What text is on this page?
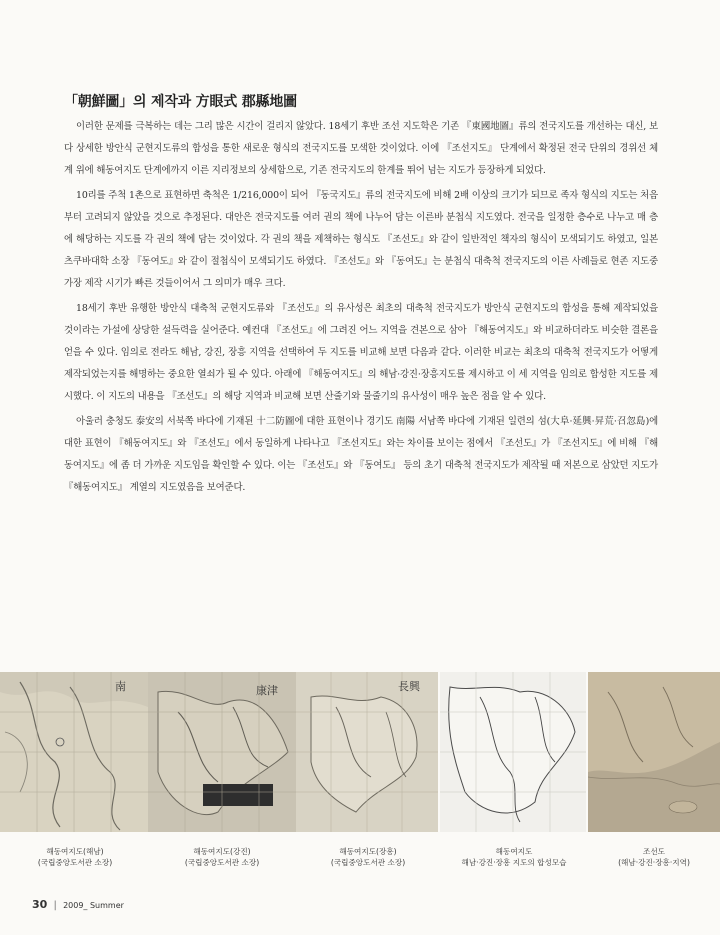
「朝鮮圖」의 제작과 方眼式 郡縣地圖

이러한 문제를 극복하는 데는 그리 많은 시간이 걸리지 않았다. 18세기 후반 조선 지도학은 기존 『東國地圖』류의 전국지도를 개선하는 대신, 보다 상세한 방안식 군현지도류의 합성을 통한 새로운 형식의 전국지도를 모색한 것이었다. 이에 『조선지도』 단계에서 확정된 전국 단위의 경위선 체계 위에 해동여지도 단계에까지 이른 지리정보의 상세함으로, 기존 전국지도의 한계를 뛰어 넘는 지도가 등장하게 되었다.

10리를 주척 1촌으로 표현하면 축척은 1/216,000이 되어 『동국지도』류의 전국지도에 비해 2배 이상의 크기가 되므로 족자 형식의 지도는 처음부터 고려되지 않았을 것으로 추정된다. 대안은 전국지도를 여러 권의 책에 나누어 담는 이른바 분첩식 지도였다. 전국을 일정한 층수로 나누고 매 층에 해당하는 지도를 각 권의 책에 담는 것이었다. 각 권의 책을 제책하는 형식도 『조선도』와 같이 일반적인 책자의 형식이 모색되기도 하였고, 일본 츠쿠바대학 소장 『동여도』와 같이 절첩식이 모색되기도 하였다. 『조선도』와 『동여도』는 분첩식 대축척 전국지도의 이른 사례들로 현존 지도중 가장 제작 시기가 빠른 것들이어서 그 의미가 매우 크다.

18세기 후반 유행한 방안식 대축척 군현지도류와 『조선도』의 유사성은 최초의 대축척 전국지도가 방안식 군현지도의 합성을 통해 제작되었을 것이라는 가설에 상당한 설득력을 실어준다. 예컨대 『조선도』에 그려진 어느 지역을 견본으로 삼아 『해동여지도』와 비교하더라도 비슷한 결론을 얻을 수 있다. 임의로 전라도 해남, 강진, 장흥 지역을 선택하여 두 지도를 비교해 보면 다음과 같다. 이러한 비교는 최초의 대축척 전국지도가 어떻게 제작되었는지를 해명하는 중요한 열쇠가 될 수 있다. 아래에 『해동여지도』의 해남·강진·장흥지도를 제시하고 이 세 지역을 임의로 합성한 지도를 제시했다. 이 지도의 내용을 『조선도』의 해당 지역과 비교해 보면 산줄기와 물줄기의 유사성이 매우 높은 점을 알 수 있다.

아울러 충청도 泰安의 서북쪽 바다에 기재된 十二防圖에 대한 표현이나 경기도 南陽 서남쪽 바다에 기재된 일련의 섬(大阜·延興·昇荒·召忽島)에 대한 표현이 『해동여지도』와 『조선도』에서 동일하게 나타나고 『조선지도』와는 차이를 보이는 점에서 『조선도』가 『조선지도』에 비해 『해동여지도』에 좀 더 가까운 지도임을 확인할 수 있다. 이는 『조선도』와 『동여도』 등의 초기 대축척 전국지도가 제작될 때 저본으로 삼았던 지도가 『해동여지도』 계열의 지도였음을 보여준다.

南	康津	長興
해동여지도(해남)
(국립중앙도서관 소장)
해동여지도(강진)
(국립중앙도서관 소장)
해동여지도(장흥)
(국립중앙도서관 소장)
해동여지도
해남·강진·장흥 지도의 합성모습
조선도
(해남·강진·장흥·지역)
30 | 2009_ Summer
